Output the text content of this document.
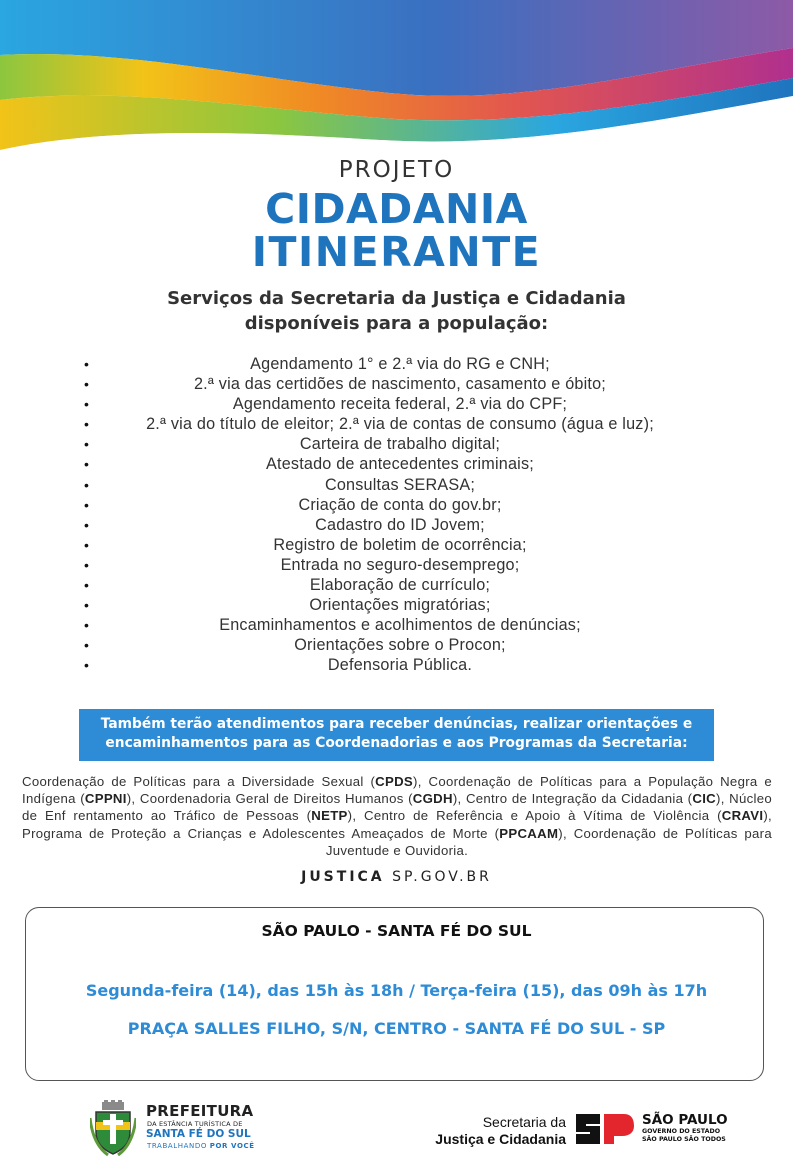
PROJETO
CIDADANIA
ITINERANTE
Serviços da Secretaria da Justiça e Cidadania
disponíveis para a população:
•	Agendamento 1° e 2.ª via do RG e CNH;
•	2.ª via das certidões de nascimento, casamento e óbito;
•	Agendamento receita federal, 2.ª via do CPF;
•	2.ª via do título de eleitor; 2.ª via de contas de consumo (água e luz);
•	Carteira de trabalho digital;
•	Atestado de antecedentes criminais;
•	Consultas SERASA;
•	Criação de conta do gov.br;
•	Cadastro do ID Jovem;
•	Registro de boletim de ocorrência;
•	Entrada no seguro-desemprego;
•	Elaboração de currículo;
•	Orientações migratórias;
•	Encaminhamentos e acolhimentos de denúncias;
•	Orientações sobre o Procon;
•	Defensoria Pública.
Também terão atendimentos para receber denúncias, realizar orientações e
encaminhamentos para as Coordenadorias e aos Programas da Secretaria:
Coordenação de Políticas para a Diversidade Sexual (CPDS), Coordenação de Políticas para a População Negra e Indígena (CPPNI), Coordenadoria Geral de Direitos Humanos (CGDH), Centro de Integração da Cidadania (CIC), Núcleo de Enf rentamento ao Tráfico de Pessoas (NETP), Centro de Referência e Apoio à Vítima de Violência (CRAVI), Programa de Proteção a Crianças e Adolescentes Ameaçados de Morte (PPCAAM), Coordenação de Políticas para Juventude e Ouvidoria.
JUSTICA SP.GOV.BR
SÃO PAULO - SANTA FÉ DO SUL
Segunda-feira (14), das 15h às 18h / Terça-feira (15), das 09h às 17h
PRAÇA SALLES FILHO, S/N, CENTRO - SANTA FÉ DO SUL - SP
PREFEITURA
DA ESTÂNCIA TURÍSTICA DE
SANTA FÉ DO SUL
TRABALHANDO POR VOCÊ
Secretaria da
Justiça e Cidadania
SÃO PAULO
GOVERNO DO ESTADO
SÃO PAULO SÃO TODOS
